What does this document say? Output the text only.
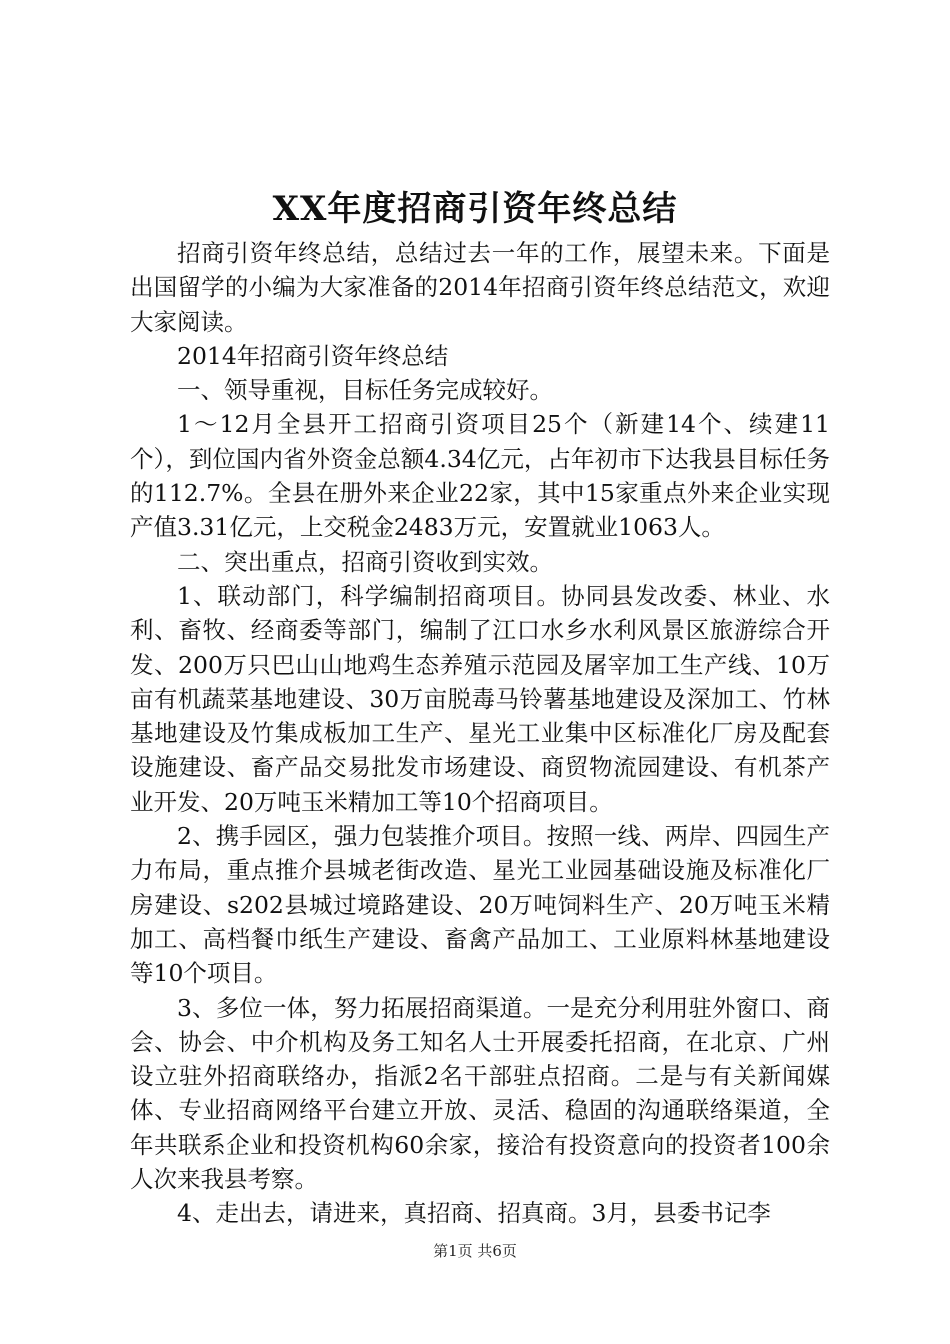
XX年度招商引资年终总结

招商引资年终总结，总结过去一年的工作，展望未来。下面是出国留学的小编为大家准备的2014年招商引资年终总结范文，欢迎大家阅读。

2014年招商引资年终总结

一、领导重视，目标任务完成较好。

1～12月全县开工招商引资项目25个（新建14个、续建11个），到位国内省外资金总额4.34亿元，占年初市下达我县目标任务的112.7%。全县在册外来企业22家，其中15家重点外来企业实现产值3.31亿元，上交税金2483万元，安置就业1063人。

二、突出重点，招商引资收到实效。

1、联动部门，科学编制招商项目。协同县发改委、林业、水利、畜牧、经商委等部门，编制了江口水乡水利风景区旅游综合开发、200万只巴山山地鸡生态养殖示范园及屠宰加工生产线、10万亩有机蔬菜基地建设、30万亩脱毒马铃薯基地建设及深加工、竹林基地建设及竹集成板加工生产、星光工业集中区标准化厂房及配套设施建设、畜产品交易批发市场建设、商贸物流园建设、有机茶产业开发、20万吨玉米精加工等10个招商项目。

2、携手园区，强力包装推介项目。按照一线、两岸、四园生产力布局，重点推介县城老街改造、星光工业园基础设施及标准化厂房建设、s202县城过境路建设、20万吨饲料生产、20万吨玉米精加工、高档餐巾纸生产建设、畜禽产品加工、工业原料林基地建设等10个项目。

3、多位一体，努力拓展招商渠道。一是充分利用驻外窗口、商会、协会、中介机构及务工知名人士开展委托招商，在北京、广州设立驻外招商联络办，指派2名干部驻点招商。二是与有关新闻媒体、专业招商网络平台建立开放、灵活、稳固的沟通联络渠道，全年共联系企业和投资机构60余家，接洽有投资意向的投资者100余人次来我县考察。

4、走出去，请进来，真招商、招真商。3月，县委书记李

第1页 共6页
